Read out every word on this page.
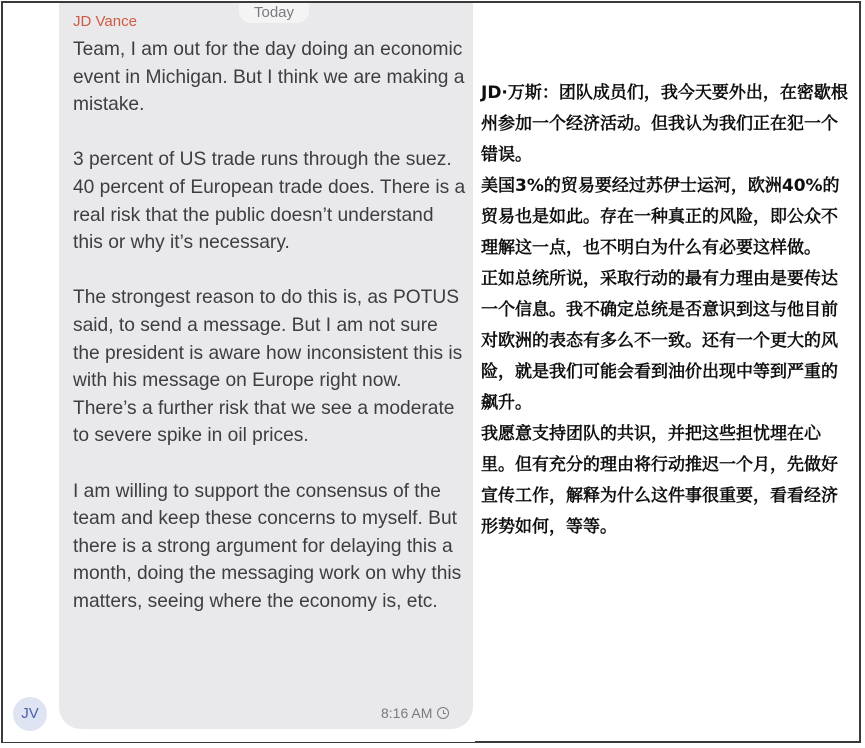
Today
JD Vance

Team, I am out for the day doing an economic event in Michigan. But I think we are making a mistake.

3 percent of US trade runs through the suez. 40 percent of European trade does. There is a real risk that the public doesn’t understand this or why it’s necessary.

The strongest reason to do this is, as POTUS said, to send a message. But I am not sure the president is aware how inconsistent this is with his message on Europe right now. There’s a further risk that we see a moderate to severe spike in oil prices.

I am willing to support the consensus of the team and keep these concerns to myself. But there is a strong argument for delaying this a month, doing the messaging work on why this matters, seeing where the economy is, etc.

8:16 AM
JV

JD·万斯：团队成员们，我今天要外出，在密歇根州参加一个经济活动。但我认为我们正在犯一个错误。

美国3%的贸易要经过苏伊士运河，欧洲40%的贸易也是如此。存在一种真正的风险，即公众不理解这一点，也不明白为什么有必要这样做。

正如总统所说，采取行动的最有力理由是要传达一个信息。我不确定总统是否意识到这与他目前对欧洲的表态有多么不一致。还有一个更大的风险，就是我们可能会看到油价出现中等到严重的飙升。

我愿意支持团队的共识，并把这些担忧埋在心里。但有充分的理由将行动推迟一个月，先做好宣传工作，解释为什么这件事很重要，看看经济形势如何，等等。
